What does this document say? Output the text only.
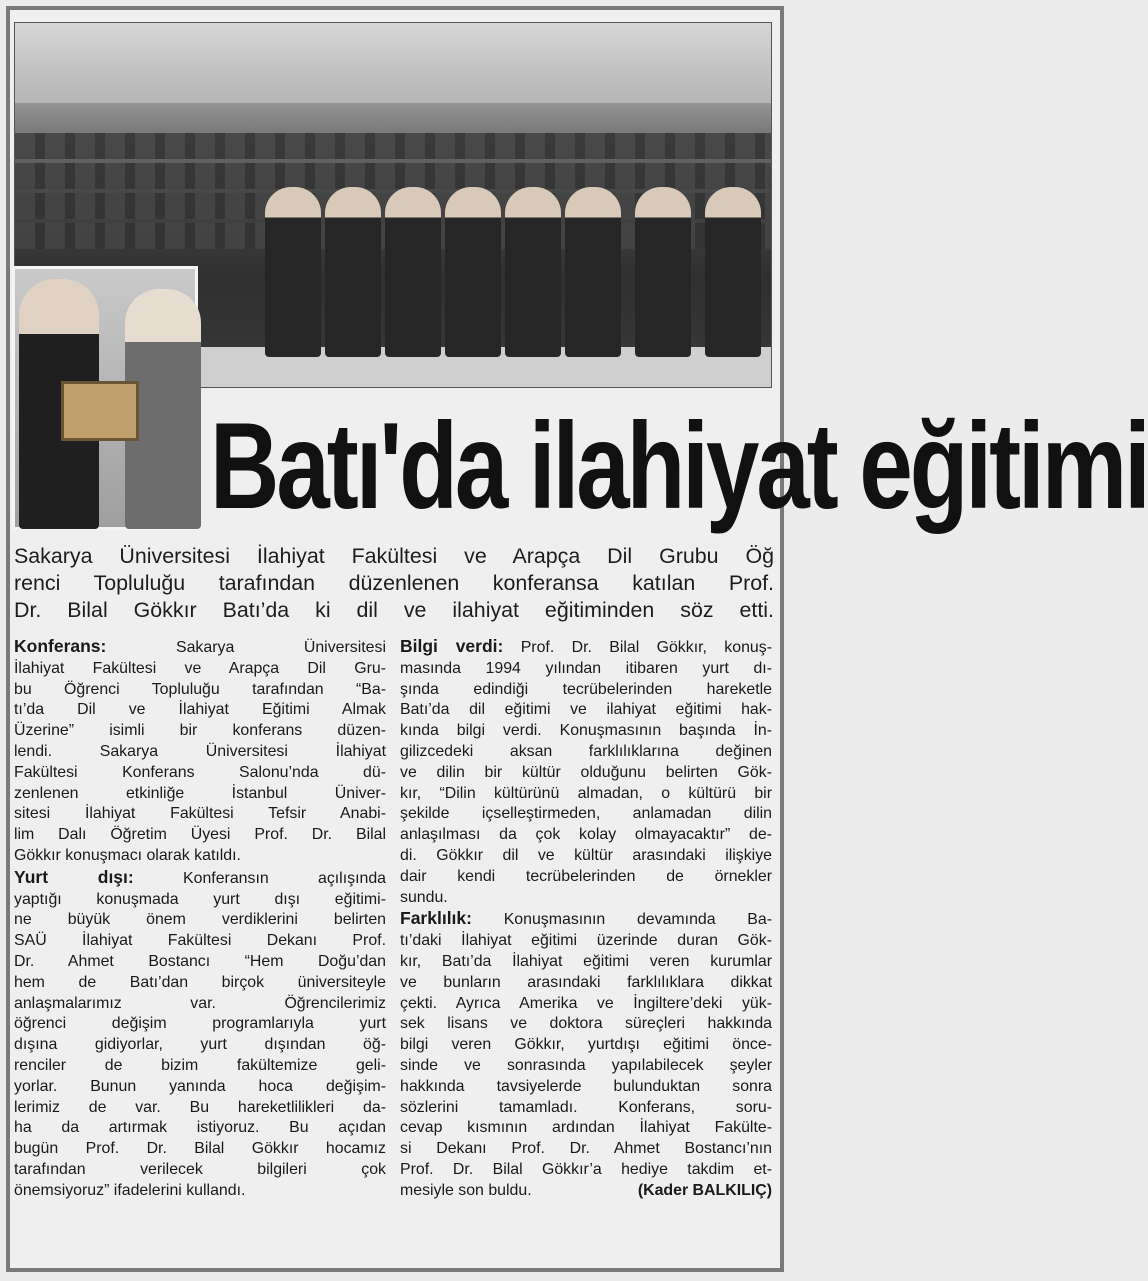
Batı'da ilahiyat eğitimi
Sakarya Üniversitesi İlahiyat Fakültesi ve Arapça Dil Grubu Öğ
renci Topluluğu tarafından düzenlenen konferansa katılan Prof.
Dr. Bilal Gökkır Batı’da ki dil ve ilahiyat eğitiminden söz etti.
Konferans:	Sakarya Üniversitesi
İlahiyat Fakültesi ve Arapça Dil Gru-
bu Öğrenci Topluluğu tarafından “Ba-
tı’da Dil ve İlahiyat Eğitimi Almak
Üzerine” isimli bir konferans düzen-
lendi. Sakarya Üniversitesi İlahiyat
Fakültesi Konferans Salonu’nda dü-
zenlenen etkinliğe İstanbul Üniver-
sitesi İlahiyat Fakültesi Tefsir Anabi-
lim Dalı Öğretim Üyesi Prof. Dr. Bilal
Gökkır konuşmacı olarak katıldı.
Yurt dışı:	Konferansın açılışında
yaptığı konuşmada yurt dışı eğitimi-
ne büyük önem verdiklerini belirten
SAÜ İlahiyat Fakültesi Dekanı Prof.
Dr. Ahmet Bostancı “Hem Doğu’dan
hem de Batı’dan birçok üniversiteyle
anlaşmalarımız var. Öğrencilerimiz
öğrenci değişim programlarıyla yurt
dışına gidiyorlar, yurt dışından öğ-
renciler de bizim fakültemize geli-
yorlar. Bunun yanında hoca değişim-
lerimiz de var. Bu hareketlilikleri da-
ha da artırmak istiyoruz. Bu açıdan
bugün Prof. Dr. Bilal Gökkır hocamız
tarafından verilecek bilgileri çok
önemsiyoruz” ifadelerini kullandı.
Bilgi verdi: Prof. Dr. Bilal Gökkır, konuş-
masında 1994 yılından itibaren yurt dı-
şında edindiği tecrübelerinden hareketle
Batı’da dil eğitimi ve ilahiyat eğitimi hak-
kında bilgi verdi. Konuşmasının başında İn-
gilizcedeki aksan farklılıklarına değinen
ve dilin bir kültür olduğunu belirten Gök-
kır, “Dilin kültürünü almadan, o kültürü bir
şekilde içselleştirmeden, anlamadan dilin
anlaşılması da çok kolay olmayacaktır” de-
di. Gökkır dil ve kültür arasındaki ilişkiye
dair kendi tecrübelerinden de örnekler
sundu.
Farklılık: Konuşmasının devamında Ba-
tı’daki İlahiyat eğitimi üzerinde duran Gök-
kır, Batı’da İlahiyat eğitimi veren kurumlar
ve bunların arasındaki farklılıklara dikkat
çekti. Ayrıca Amerika ve İngiltere’deki yük-
sek lisans ve doktora süreçleri hakkında
bilgi veren Gökkır, yurtdışı eğitimi önce-
sinde ve sonrasında yapılabilecek şeyler
hakkında tavsiyelerde bulunduktan sonra
sözlerini tamamladı. Konferans, soru-
cevap kısmının ardından İlahiyat Fakülte-
si Dekanı Prof. Dr. Ahmet Bostancı’nın
Prof. Dr. Bilal Gökkır’a hediye takdim et-
mesiyle son buldu.	(Kader BALKILIÇ)
